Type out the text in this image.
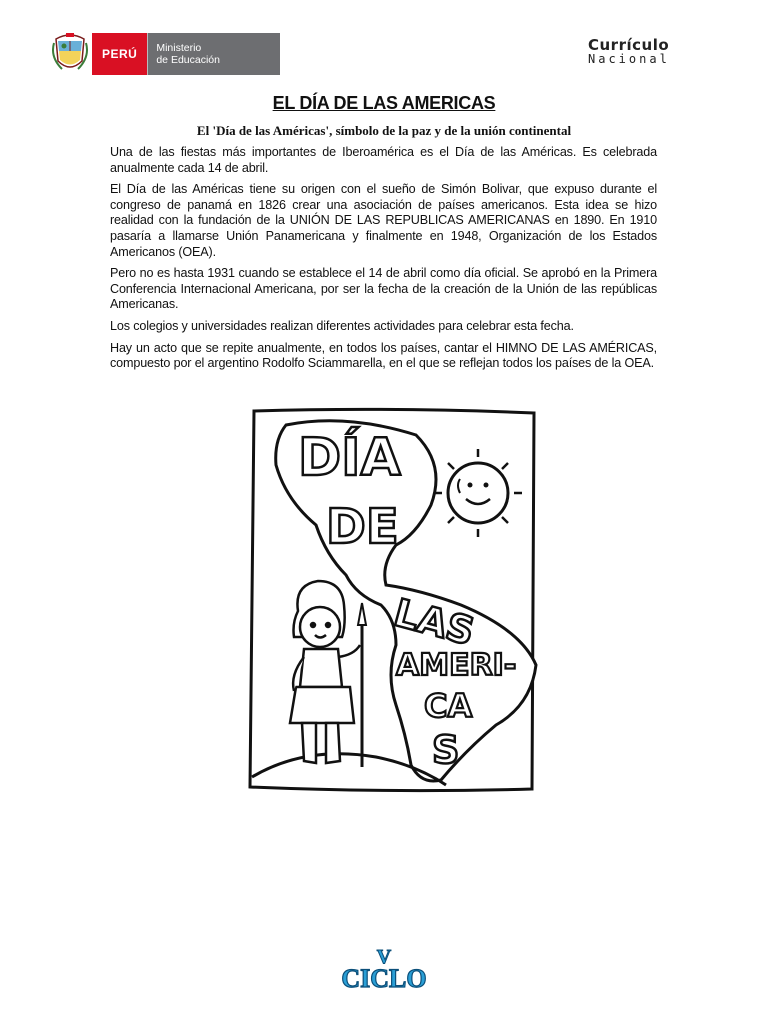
PERÚ	Ministerio
de Educación
Currículo
Nacional
EL DÍA DE LAS AMERICAS
El 'Día de las Américas', símbolo de la paz y de la unión continental

Una de las fiestas más importantes de Iberoamérica es el Día de las Américas. Es celebrada anualmente cada 14 de abril.

El Día de las Américas tiene su origen con el sueño de Simón Bolivar, que expuso durante el congreso de panamá en 1826 crear una asociación de países americanos. Esta idea se hizo realidad con la fundación de la UNIÓN DE LAS REPUBLICAS AMERICANAS en 1890. En 1910 pasaría a llamarse Unión Panamericana y finalmente en 1948, Organización de los Estados Americanos (OEA).

Pero no es hasta 1931 cuando se establece el 14 de abril como día oficial. Se aprobó en la Primera Conferencia Internacional Americana, por ser la fecha de la creación de la Unión de las repúblicas Americanas.

Los colegios y universidades realizan diferentes actividades para celebrar esta fecha.

Hay un acto que se repite anualmente, en todos los países, cantar el HIMNO DE LAS AMÉRICAS, compuesto por el argentino Rodolfo Sciammarella, en el que se reflejan todos los países de la OEA.

DÍA
DE
LAS
AMERI-
CA
S
V
CICLO
